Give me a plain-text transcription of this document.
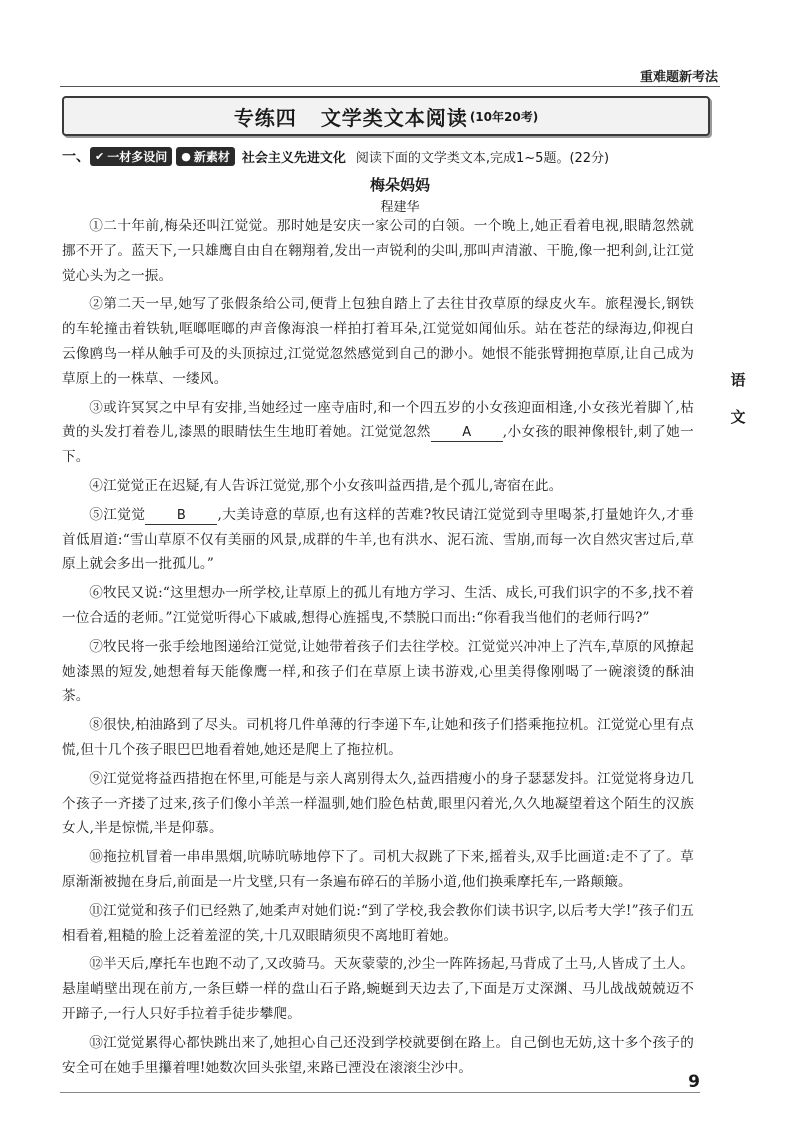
重难题新考法
专练四 文学类文本阅读 (10年20考)
一、 ✔ 一材多设问 ● 新素材 社会主义先进文化 阅读下面的文学类文本,完成1~5题。(22分)
梅朵妈妈
程建华

①二十年前,梅朵还叫江觉觉。那时她是安庆一家公司的白领。一个晚上,她正看着电视,眼睛忽然就挪不开了。蓝天下,一只雄鹰自由自在翱翔着,发出一声锐利的尖叫,那叫声清澈、干脆,像一把利剑,让江觉觉心头为之一振。

②第二天一早,她写了张假条给公司,便背上包独自踏上了去往甘孜草原的绿皮火车。旅程漫长,钢铁的车轮撞击着铁轨,哐啷哐啷的声音像海浪一样拍打着耳朵,江觉觉如闻仙乐。站在苍茫的绿海边,仰视白云像鸥鸟一样从触手可及的头顶掠过,江觉觉忽然感觉到自己的渺小。她恨不能张臂拥抱草原,让自己成为草原上的一株草、一缕风。

③或许冥冥之中早有安排,当她经过一座寺庙时,和一个四五岁的小女孩迎面相逢,小女孩光着脚丫,枯黄的头发打着卷儿,漆黑的眼睛怯生生地盯着她。江觉觉忽然 A ,小女孩的眼神像根针,刺了她一下。

④江觉觉正在迟疑,有人告诉江觉觉,那个小女孩叫益西措,是个孤儿,寄宿在此。

⑤江觉觉 B ,大美诗意的草原,也有这样的苦难?牧民请江觉觉到寺里喝茶,打量她许久,才垂首低眉道:“雪山草原不仅有美丽的风景,成群的牛羊,也有洪水、泥石流、雪崩,而每一次自然灾害过后,草原上就会多出一批孤儿。”

⑥牧民又说:“这里想办一所学校,让草原上的孤儿有地方学习、生活、成长,可我们识字的不多,找不着一位合适的老师。”江觉觉听得心下戚戚,想得心旌摇曳,不禁脱口而出:“你看我当他们的老师行吗?”

⑦牧民将一张手绘地图递给江觉觉,让她带着孩子们去往学校。江觉觉兴冲冲上了汽车,草原的风撩起她漆黑的短发,她想着每天能像鹰一样,和孩子们在草原上读书游戏,心里美得像刚喝了一碗滚烫的酥油茶。

⑧很快,柏油路到了尽头。司机将几件单薄的行李递下车,让她和孩子们搭乘拖拉机。江觉觉心里有点慌,但十几个孩子眼巴巴地看着她,她还是爬上了拖拉机。

⑨江觉觉将益西措抱在怀里,可能是与亲人离别得太久,益西措瘦小的身子瑟瑟发抖。江觉觉将身边几个孩子一齐搂了过来,孩子们像小羊羔一样温驯,她们脸色枯黄,眼里闪着光,久久地凝望着这个陌生的汉族女人,半是惊慌,半是仰慕。

⑩拖拉机冒着一串串黑烟,吭哧吭哧地停下了。司机大叔跳了下来,摇着头,双手比画道:走不了了。草原渐渐被抛在身后,前面是一片戈壁,只有一条遍布碎石的羊肠小道,他们换乘摩托车,一路颠簸。

⑪江觉觉和孩子们已经熟了,她柔声对她们说:“到了学校,我会教你们读书识字,以后考大学!”孩子们五相看着,粗糙的脸上泛着羞涩的笑,十几双眼睛须臾不离地盯着她。

⑫半天后,摩托车也跑不动了,又改骑马。天灰蒙蒙的,沙尘一阵阵扬起,马背成了土马,人皆成了土人。悬崖峭壁出现在前方,一条巨蟒一样的盘山石子路,蜿蜒到天边去了,下面是万丈深渊、马儿战战兢兢迈不开蹄子,一行人只好手拉着手徒步攀爬。

⑬江觉觉累得心都快跳出来了,她担心自己还没到学校就要倒在路上。自己倒也无妨,这十多个孩子的安全可在她手里攥着哩!她数次回头张望,来路已湮没在滚滚尘沙中。

语
文
9
